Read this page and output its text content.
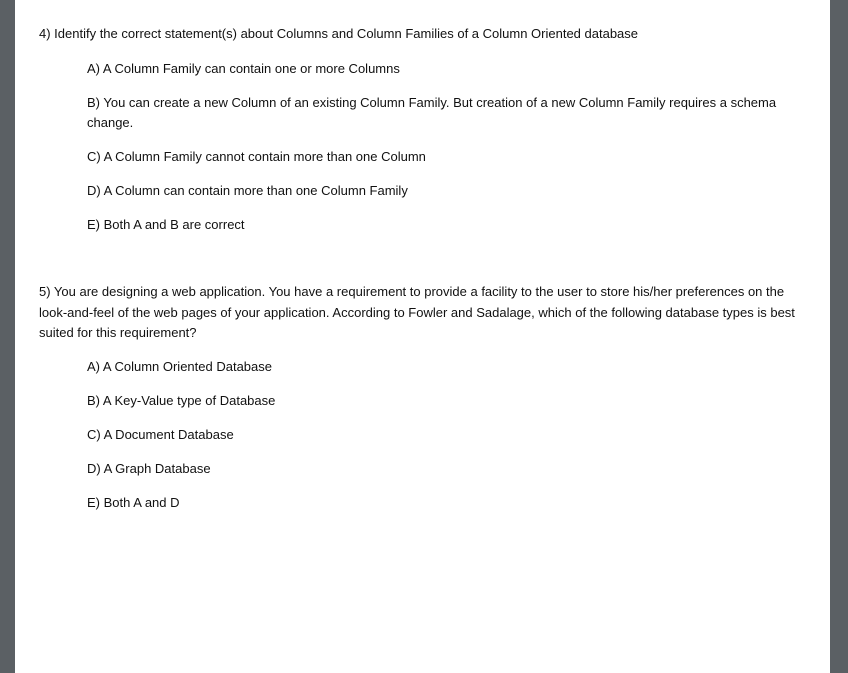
4) Identify the correct statement(s) about Columns and Column Families of a Column Oriented database

A) A Column Family can contain one or more Columns
B) You can create a new Column of an existing Column Family. But creation of a new Column Family requires a schema change.
C) A Column Family cannot contain more than one Column
D) A Column can contain more than one Column Family
E) Both A and B are correct

5) You are designing a web application. You have a requirement to provide a facility to the user to store his/her preferences on the look-and-feel of the web pages of your application. According to Fowler and Sadalage, which of the following database types is best suited for this requirement?

A) A Column Oriented Database
B) A Key-Value type of Database
C) A Document Database
D) A Graph Database
E) Both A and D
